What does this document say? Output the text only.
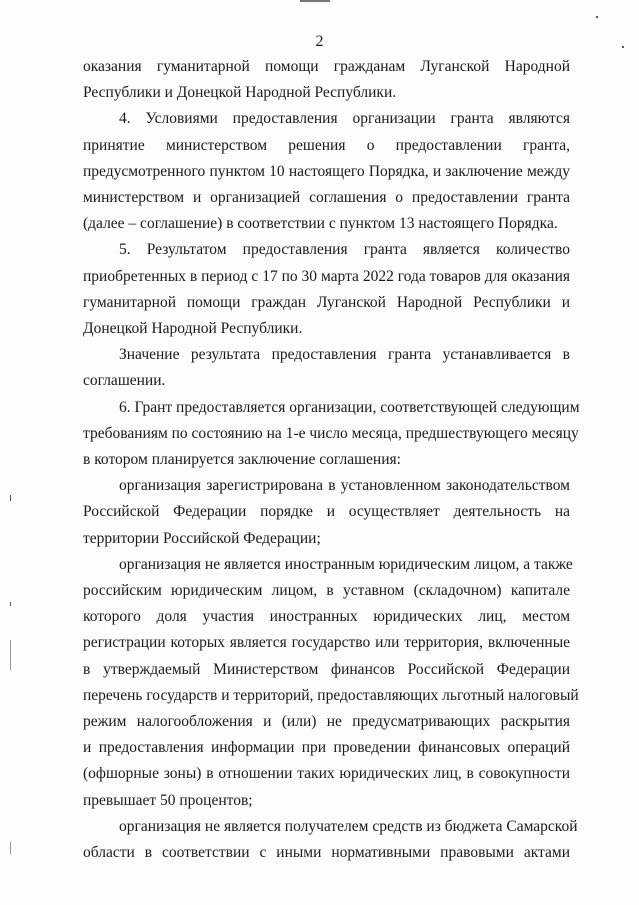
2
оказания гуманитарной помощи гражданам Луганской Народной
Республики и Донецкой Народной Республики.
4. Условиями предоставления организации гранта являются
принятие министерством решения о предоставлении гранта,
предусмотренного пунктом 10 настоящего Порядка, и заключение между
министерством и организацией соглашения о предоставлении гранта
(далее – соглашение) в соответствии с пунктом 13 настоящего Порядка.
5. Результатом предоставления гранта является количество
приобретенных в период с 17 по 30 марта 2022 года товаров для оказания
гуманитарной помощи граждан Луганской Народной Республики и
Донецкой Народной Республики.
Значение результата предоставления гранта устанавливается в
соглашении.
6. Грант предоставляется организации, соответствующей следующим
требованиям по состоянию на 1-е число месяца, предшествующего месяцу
в котором планируется заключение соглашения:
организация зарегистрирована в установленном законодательством
Российской Федерации порядке и осуществляет деятельность на
территории Российской Федерации;
организация не является иностранным юридическим лицом, а также
российским юридическим лицом, в уставном (складочном) капитале
которого доля участия иностранных юридических лиц, местом
регистрации которых является государство или территория, включенные
в утверждаемый Министерством финансов Российской Федерации
перечень государств и территорий, предоставляющих льготный налоговый
режим налогообложения и (или) не предусматривающих раскрытия
и предоставления информации при проведении финансовых операций
(офшорные зоны) в отношении таких юридических лиц, в совокупности
превышает 50 процентов;
организация не является получателем средств из бюджета Самарской
области в соответствии с иными нормативными правовыми актами
